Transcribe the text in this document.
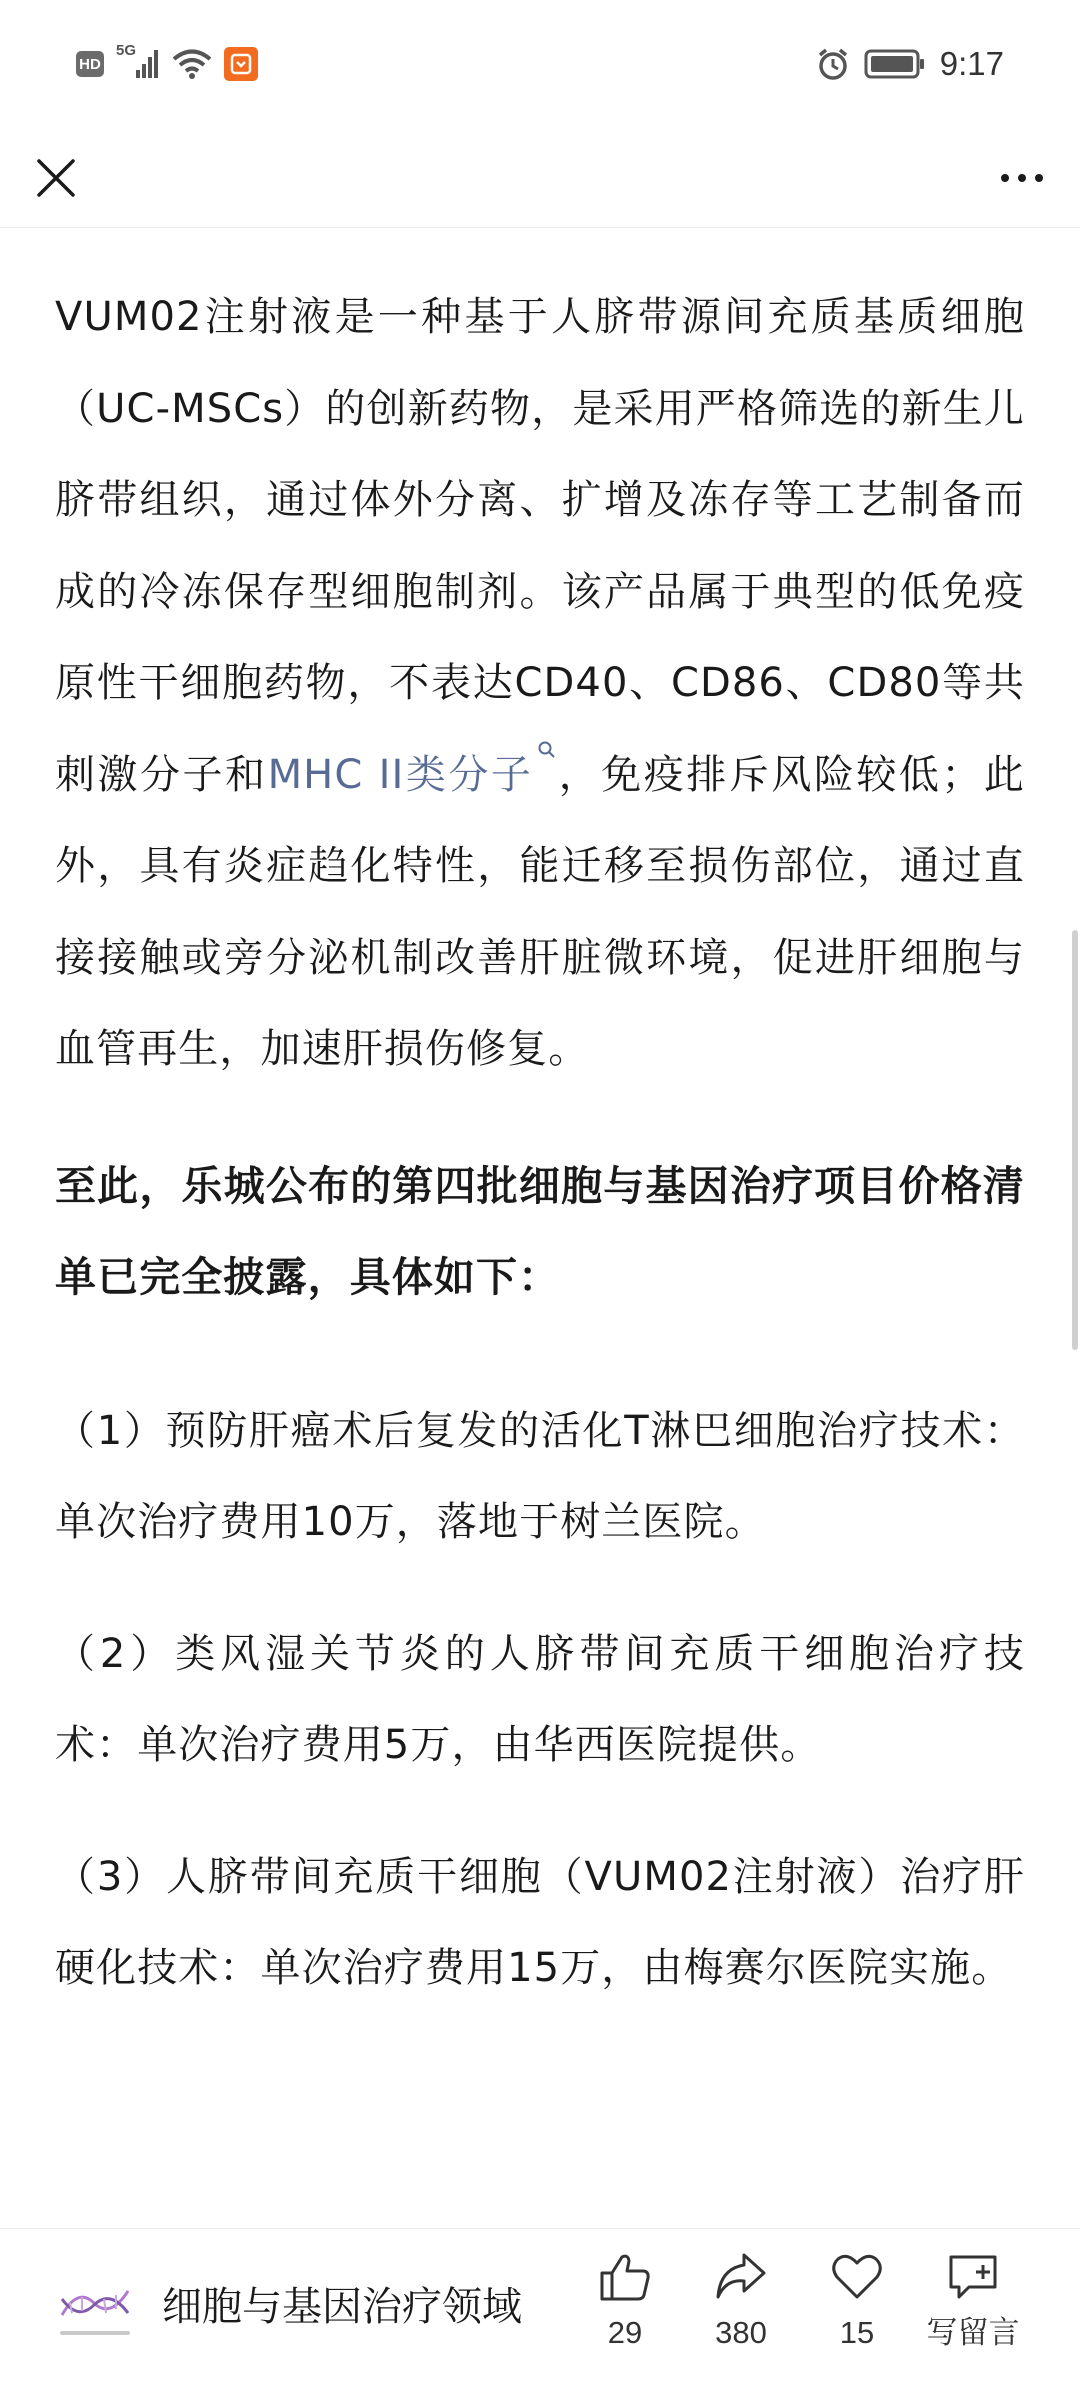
HD
5G	9:17

VUM02注射液是一种基于人脐带源间充质基质细胞（UC-MSCs）的创新药物，是采用严格筛选的新生儿脐带组织，通过体外分离、扩增及冻存等工艺制备而成的冷冻保存型细胞制剂。该产品属于典型的低免疫原性干细胞药物，不表达CD40、CD86、CD80等共刺激分子和MHC II类分子 ，免疫排斥风险较低；此外，具有炎症趋化特性，能迁移至损伤部位，通过直接接触或旁分泌机制改善肝脏微环境，促进肝细胞与血管再生，加速肝损伤修复。

至此，乐城公布的第四批细胞与基因治疗项目价格清单已完全披露，具体如下：

（1）预防肝癌术后复发的活化T淋巴细胞治疗技术：单次治疗费用10万，落地于树兰医院。

（2）类风湿关节炎的人脐带间充质干细胞治疗技术：单次治疗费用5万，由华西医院提供。

（3）人脐带间充质干细胞（VUM02注射液）治疗肝硬化技术：单次治疗费用15万，由梅赛尔医院实施。

细胞与基因治疗领域
29 380 15 写留言
